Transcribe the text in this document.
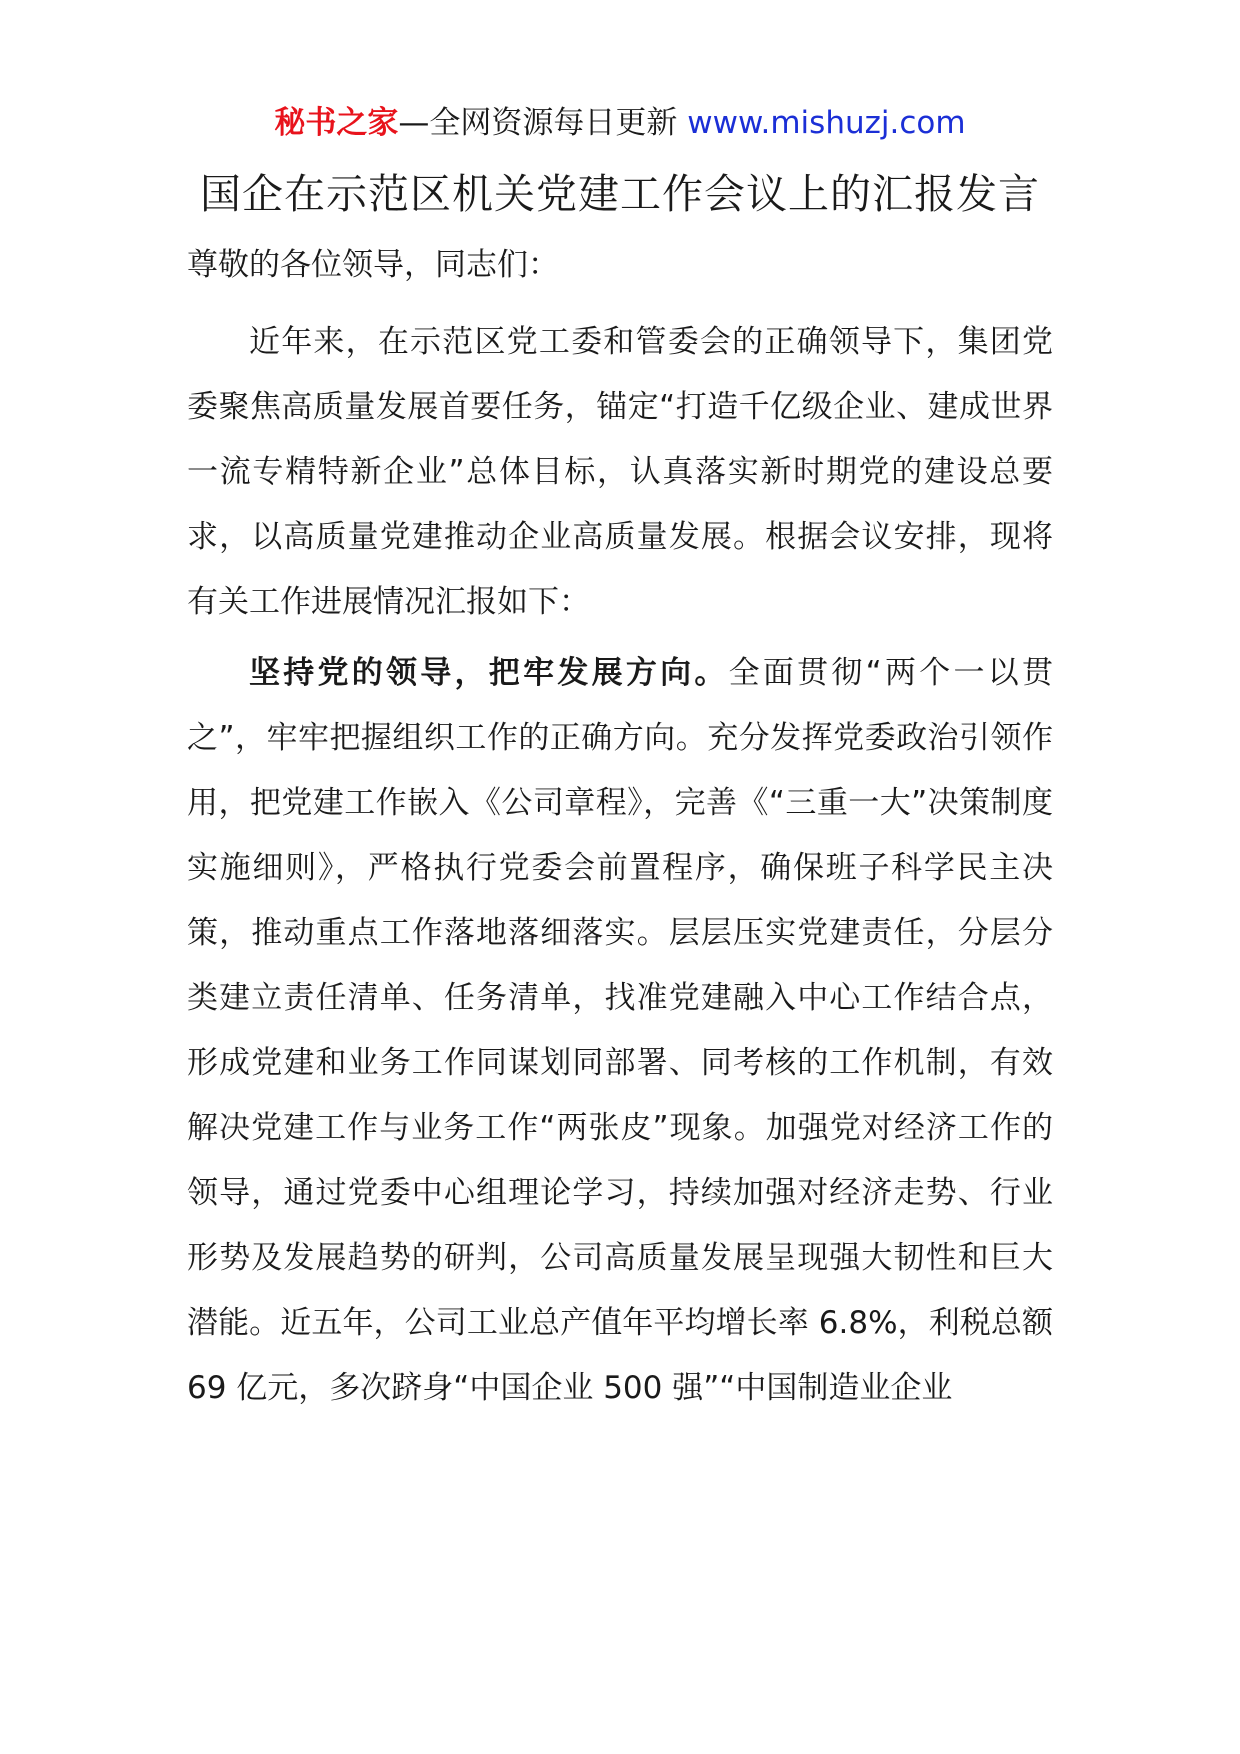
秘书之家—全网资源每日更新 www.mishuzj.com
国企在示范区机关党建工作会议上的汇报发言

尊敬的各位领导，同志们：

近年来，在示范区党工委和管委会的正确领导下，集团党委聚焦高质量发展首要任务，锚定“打造千亿级企业、建成世界一流专精特新企业”总体目标，认真落实新时期党的建设总要求，以高质量党建推动企业高质量发展。根据会议安排，现将有关工作进展情况汇报如下：

坚持党的领导，把牢发展方向。全面贯彻“两个一以贯之”，牢牢把握组织工作的正确方向。充分发挥党委政治引领作用，把党建工作嵌入《公司章程》，完善《“三重一大”决策制度实施细则》，严格执行党委会前置程序，确保班子科学民主决策，推动重点工作落地落细落实。层层压实党建责任，分层分类建立责任清单、任务清单，找准党建融入中心工作结合点，形成党建和业务工作同谋划同部署、同考核的工作机制，有效解决党建工作与业务工作“两张皮”现象。加强党对经济工作的领导，通过党委中心组理论学习，持续加强对经济走势、行业形势及发展趋势的研判，公司高质量发展呈现强大韧性和巨大潜能。近五年，公司工业总产值年平均增长率 6.8%，利税总额69 亿元，多次跻身“中国企业 500 强”“中国制造业企业
